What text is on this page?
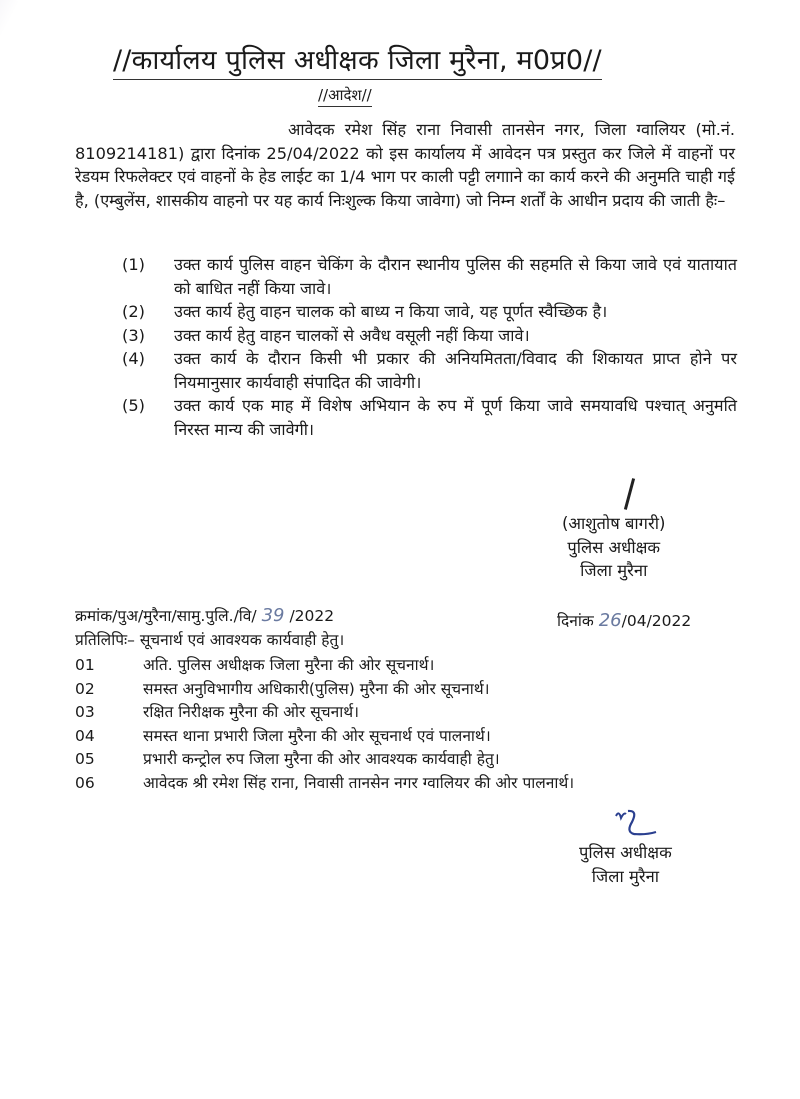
//कार्यालय पुलिस अधीक्षक जिला मुरैना, म0प्र0//
//आदेश//
आवेदक रमेश सिंह राना निवासी तानसेन नगर, जिला ग्वालियर (मो.नं. 8109214181) द्वारा दिनांक 25/04/2022 को इस कार्यालय में आवेदन पत्र प्रस्तुत कर जिले में वाहनों पर रेडयम रिफलेक्टर एवं वाहनों के हेड लाईट का 1/4 भाग पर काली पट्टी लगााने का कार्य करने की अनुमति चाही गई है, (एम्बुलेंस, शासकीय वाहनो पर यह कार्य निःशुल्क किया जावेगा) जो निम्न शर्तों के आधीन प्रदाय की जाती हैः–
(1)	उक्त कार्य पुलिस वाहन चेकिंग के दौरान स्थानीय पुलिस की सहमति से किया जावे एवं यातायात को बाधित नहीं किया जावे।
(2)	उक्त कार्य हेतु वाहन चालक को बाध्य न किया जावे, यह पूर्णत स्वैच्छिक है।
(3)	उक्त कार्य हेतु वाहन चालकों से अवैध वसूली नहीं किया जावे।
(4)	उक्त कार्य के दौरान किसी भी प्रकार की अनियमितता/विवाद की शिकायत प्राप्त होने पर नियमानुसार कार्यवाही संपादित की जावेगी।
(5)	उक्त कार्य एक माह में विशेष अभियान के रुप में पूर्ण किया जावे समयावधि पश्चात् अनुमति निरस्त मान्य की जावेगी।
(आशुतोष बागरी)
पुलिस अधीक्षक
जिला मुरैना
क्रमांक/पुअ/मुरैना/सामु.पुलि./वि/ 39 /2022	दिनांक 26/04/2022
प्रतिलिपिः– सूचनार्थ एवं आवश्यक कार्यवाही हेतु।
01	अति. पुलिस अधीक्षक जिला मुरैना की ओर सूचनार्थ।
02	समस्त अनुविभागीय अधिकारी(पुलिस) मुरैना की ओर सूचनार्थ।
03	रक्षित निरीक्षक मुरैना की ओर सूचनार्थ।
04	समस्त थाना प्रभारी जिला मुरैना की ओर सूचनार्थ एवं पालनार्थ।
05	प्रभारी कन्ट्रोल रुप जिला मुरैना की ओर आवश्यक कार्यवाही हेतु।
06	आवेदक श्री रमेश सिंह राना, निवासी तानसेन नगर ग्वालियर की ओर पालनार्थ।
पुलिस अधीक्षक
जिला मुरैना
